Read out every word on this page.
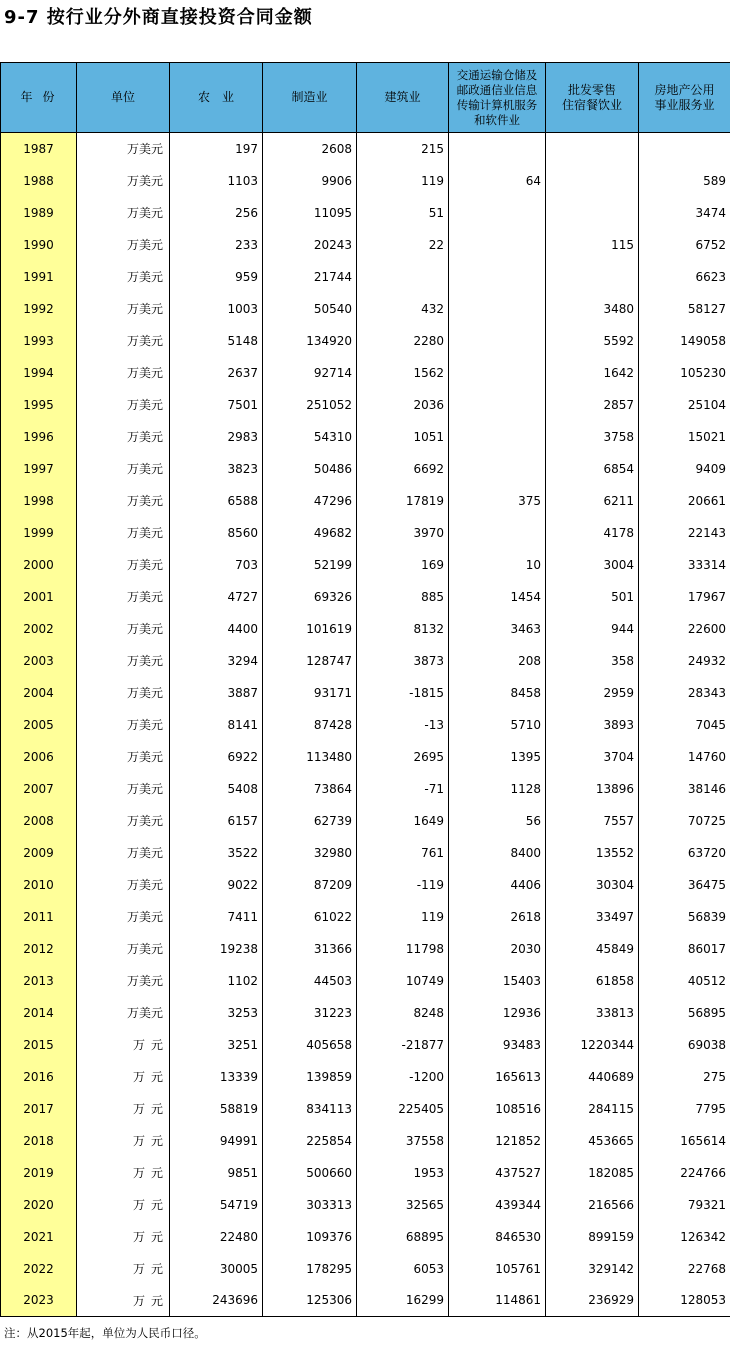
9-7 按行业分外商直接投资合同金额
年份	单位	农　业	制造业	建筑业	交通运输仓储及
邮政通信业信息
传输计算机服务
和软件业	批发零售
住宿餐饮业	房地产公用
事业服务业
1987	万美元	197	2608	215			
1988	万美元	1103	9906	119	64		589
1989	万美元	256	11095	51			3474
1990	万美元	233	20243	22		115	6752
1991	万美元	959	21744				6623
1992	万美元	1003	50540	432		3480	58127
1993	万美元	5148	134920	2280		5592	149058
1994	万美元	2637	92714	1562		1642	105230
1995	万美元	7501	251052	2036		2857	25104
1996	万美元	2983	54310	1051		3758	15021
1997	万美元	3823	50486	6692		6854	9409
1998	万美元	6588	47296	17819	375	6211	20661
1999	万美元	8560	49682	3970		4178	22143
2000	万美元	703	52199	169	10	3004	33314
2001	万美元	4727	69326	885	1454	501	17967
2002	万美元	4400	101619	8132	3463	944	22600
2003	万美元	3294	128747	3873	208	358	24932
2004	万美元	3887	93171	-1815	8458	2959	28343
2005	万美元	8141	87428	-13	5710	3893	7045
2006	万美元	6922	113480	2695	1395	3704	14760
2007	万美元	5408	73864	-71	1128	13896	38146
2008	万美元	6157	62739	1649	56	7557	70725
2009	万美元	3522	32980	761	8400	13552	63720
2010	万美元	9022	87209	-119	4406	30304	36475
2011	万美元	7411	61022	119	2618	33497	56839
2012	万美元	19238	31366	11798	2030	45849	86017
2013	万美元	1102	44503	10749	15403	61858	40512
2014	万美元	3253	31223	8248	12936	33813	56895
2015	万元	3251	405658	-21877	93483	1220344	69038
2016	万元	13339	139859	-1200	165613	440689	275
2017	万元	58819	834113	225405	108516	284115	7795
2018	万元	94991	225854	37558	121852	453665	165614
2019	万元	9851	500660	1953	437527	182085	224766
2020	万元	54719	303313	32565	439344	216566	79321
2021	万元	22480	109376	68895	846530	899159	126342
2022	万元	30005	178295	6053	105761	329142	22768
2023	万元	243696	125306	16299	114861	236929	128053
注：从2015年起，单位为人民币口径。
